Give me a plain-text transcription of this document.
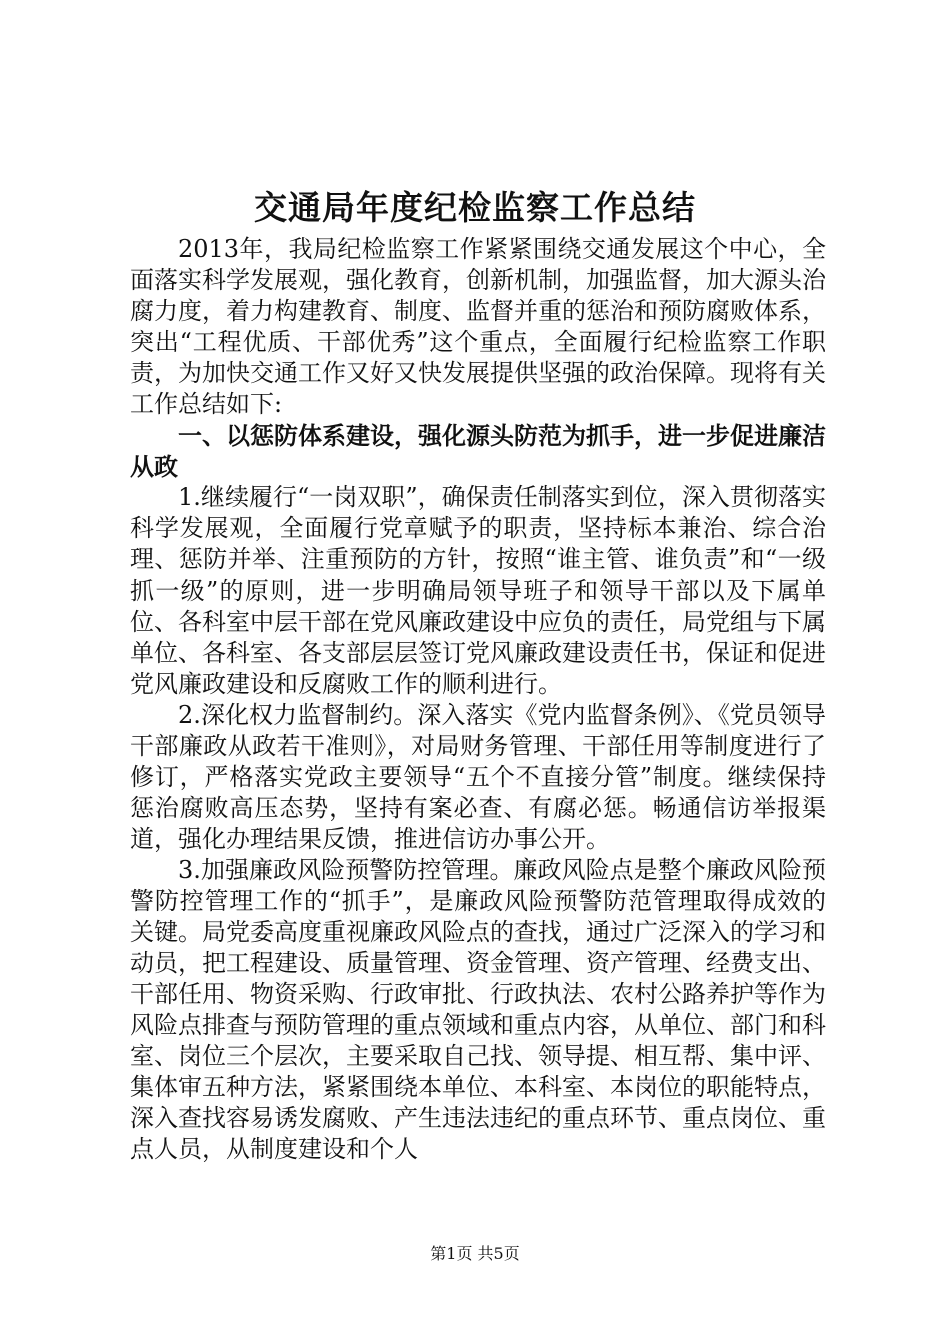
交通局年度纪检监察工作总结

2013年，我局纪检监察工作紧紧围绕交通发展这个中心，全面落实科学发展观，强化教育，创新机制，加强监督，加大源头治腐力度，着力构建教育、制度、监督并重的惩治和预防腐败体系，突出“工程优质、干部优秀”这个重点，全面履行纪检监察工作职责，为加快交通工作又好又快发展提供坚强的政治保障。现将有关工作总结如下:

一、以惩防体系建设，强化源头防范为抓手，进一步促进廉洁从政

1.继续履行“一岗双职”，确保责任制落实到位，深入贯彻落实科学发展观，全面履行党章赋予的职责，坚持标本兼治、综合治理、惩防并举、注重预防的方针，按照“谁主管、谁负责”和“一级抓一级”的原则，进一步明确局领导班子和领导干部以及下属单位、各科室中层干部在党风廉政建设中应负的责任，局党组与下属单位、各科室、各支部层层签订党风廉政建设责任书，保证和促进党风廉政建设和反腐败工作的顺利进行。

2.深化权力监督制约。深入落实《党内监督条例》、《党员领导干部廉政从政若干准则》，对局财务管理、干部任用等制度进行了修订，严格落实党政主要领导“五个不直接分管”制度。继续保持惩治腐败高压态势，坚持有案必查、有腐必惩。畅通信访举报渠道，强化办理结果反馈，推进信访办事公开。

3.加强廉政风险预警防控管理。廉政风险点是整个廉政风险预警防控管理工作的“抓手”，是廉政风险预警防范管理取得成效的关键。局党委高度重视廉政风险点的查找，通过广泛深入的学习和动员，把工程建设、质量管理、资金管理、资产管理、经费支出、干部任用、物资采购、行政审批、行政执法、农村公路养护等作为风险点排查与预防管理的重点领域和重点内容，从单位、部门和科室、岗位三个层次，主要采取自己找、领导提、相互帮、集中评、集体审五种方法，紧紧围绕本单位、本科室、本岗位的职能特点，深入查找容易诱发腐败、产生违法违纪的重点环节、重点岗位、重点人员，从制度建设和个人

第1页 共5页
